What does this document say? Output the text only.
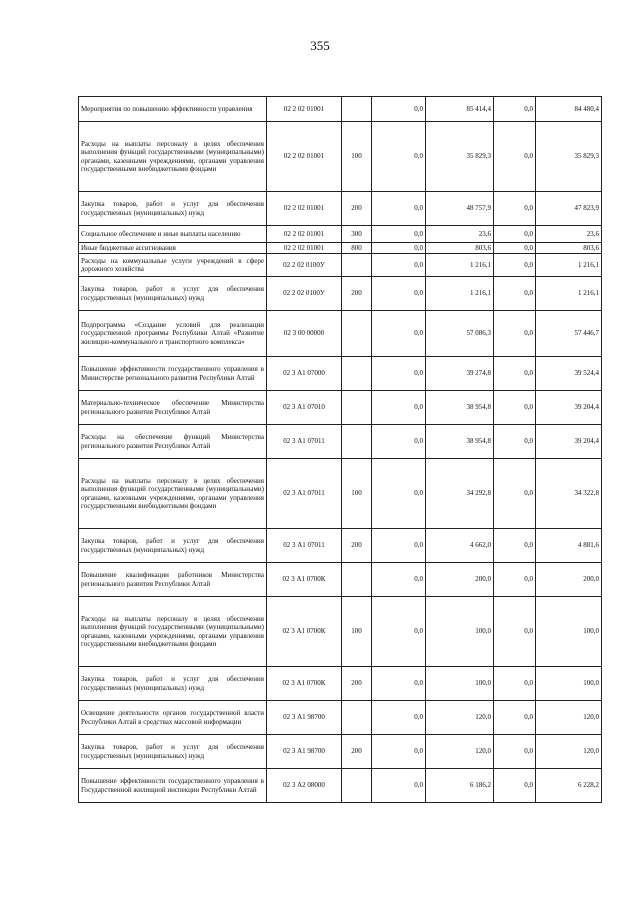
355
Мероприятия по повышению эффективности управления	02 2 02 01001		0,0	85 414,4	0,0	84 480,4
Расходы на выплаты персоналу в целях обеспечения выполнения функций государственными (муниципальными) органами, казенными учреждениями, органами управления государственными внебюджетными фондами	02 2 02 01001	100	0,0	35 829,3	0,0	35 829,3
Закупка товаров, работ и услуг для обеспечения государственных (муниципальных) нужд	02 2 02 01001	200	0,0	48 757,9	0,0	47 823,9
Социальное обеспечение и иные выплаты населению	02 2 02 01001	300	0,0	23,6	0,0	23,6
Иные бюджетные ассигнования	02 2 02 01001	800	0,0	803,6	0,0	803,6
Расходы на коммунальные услуги учреждений в сфере дорожного хозяйства	02 2 02 0100У		0,0	1 216,1	0,0	1 216,1
Закупка товаров, работ и услуг для обеспечения государственных (муниципальных) нужд	02 2 02 0100У	200	0,0	1 216,1	0,0	1 216,1
Подпрограмма «Создание условий для реализации государственной программы Республики Алтай «Развитие жилищно-коммунального и транспортного комплекса»	02 3 00 00000		0,0	57 086,3	0,0	57 446,7
Повышение эффективности государственного управления в Министерстве регионального развития Республики Алтай	02 3 А1 07000		0,0	39 274,8	0,0	39 524,4
Материально-техническое обеспечение Министерства регионального развития Республики Алтай	02 3 А1 07010		0,0	38 954,8	0,0	39 204,4
Расходы на обеспечение функций Министерства регионального развития Республики Алтай	02 3 А1 07011		0,0	38 954,8	0,0	39 204,4
Расходы на выплаты персоналу в целях обеспечения выполнения функций государственными (муниципальными) органами, казенными учреждениями, органами управления государственными внебюджетными фондами	02 3 А1 07011	100	0,0	34 292,8	0,0	34 322,8
Закупка товаров, работ и услуг для обеспечения государственных (муниципальных) нужд	02 3 А1 07011	200	0,0	4 662,0	0,0	4 881,6
Повышение квалификации работников Министерства регионального развития Республики Алтай	02 3 А1 0700К		0,0	200,0	0,0	200,0
Расходы на выплаты персоналу в целях обеспечения выполнения функций государственными (муниципальными) органами, казенными учреждениями, органами управления государственными внебюджетными фондами	02 3 А1 0700К	100	0,0	100,0	0,0	100,0
Закупка товаров, работ и услуг для обеспечения государственных (муниципальных) нужд	02 3 А1 0700К	200	0,0	100,0	0,0	100,0
Освещение деятельности органов государственной власти Республики Алтай в средствах массовой информации	02 3 А1 98700		0,0	120,0	0,0	120,0
Закупка товаров, работ и услуг для обеспечения государственных (муниципальных) нужд	02 3 А1 98700	200	0,0	120,0	0,0	120,0
Повышение эффективности государственного управления в Государственной жилищной инспекции Республики Алтай	02 3 А2 08000		0,0	6 186,2	0,0	6 228,2
